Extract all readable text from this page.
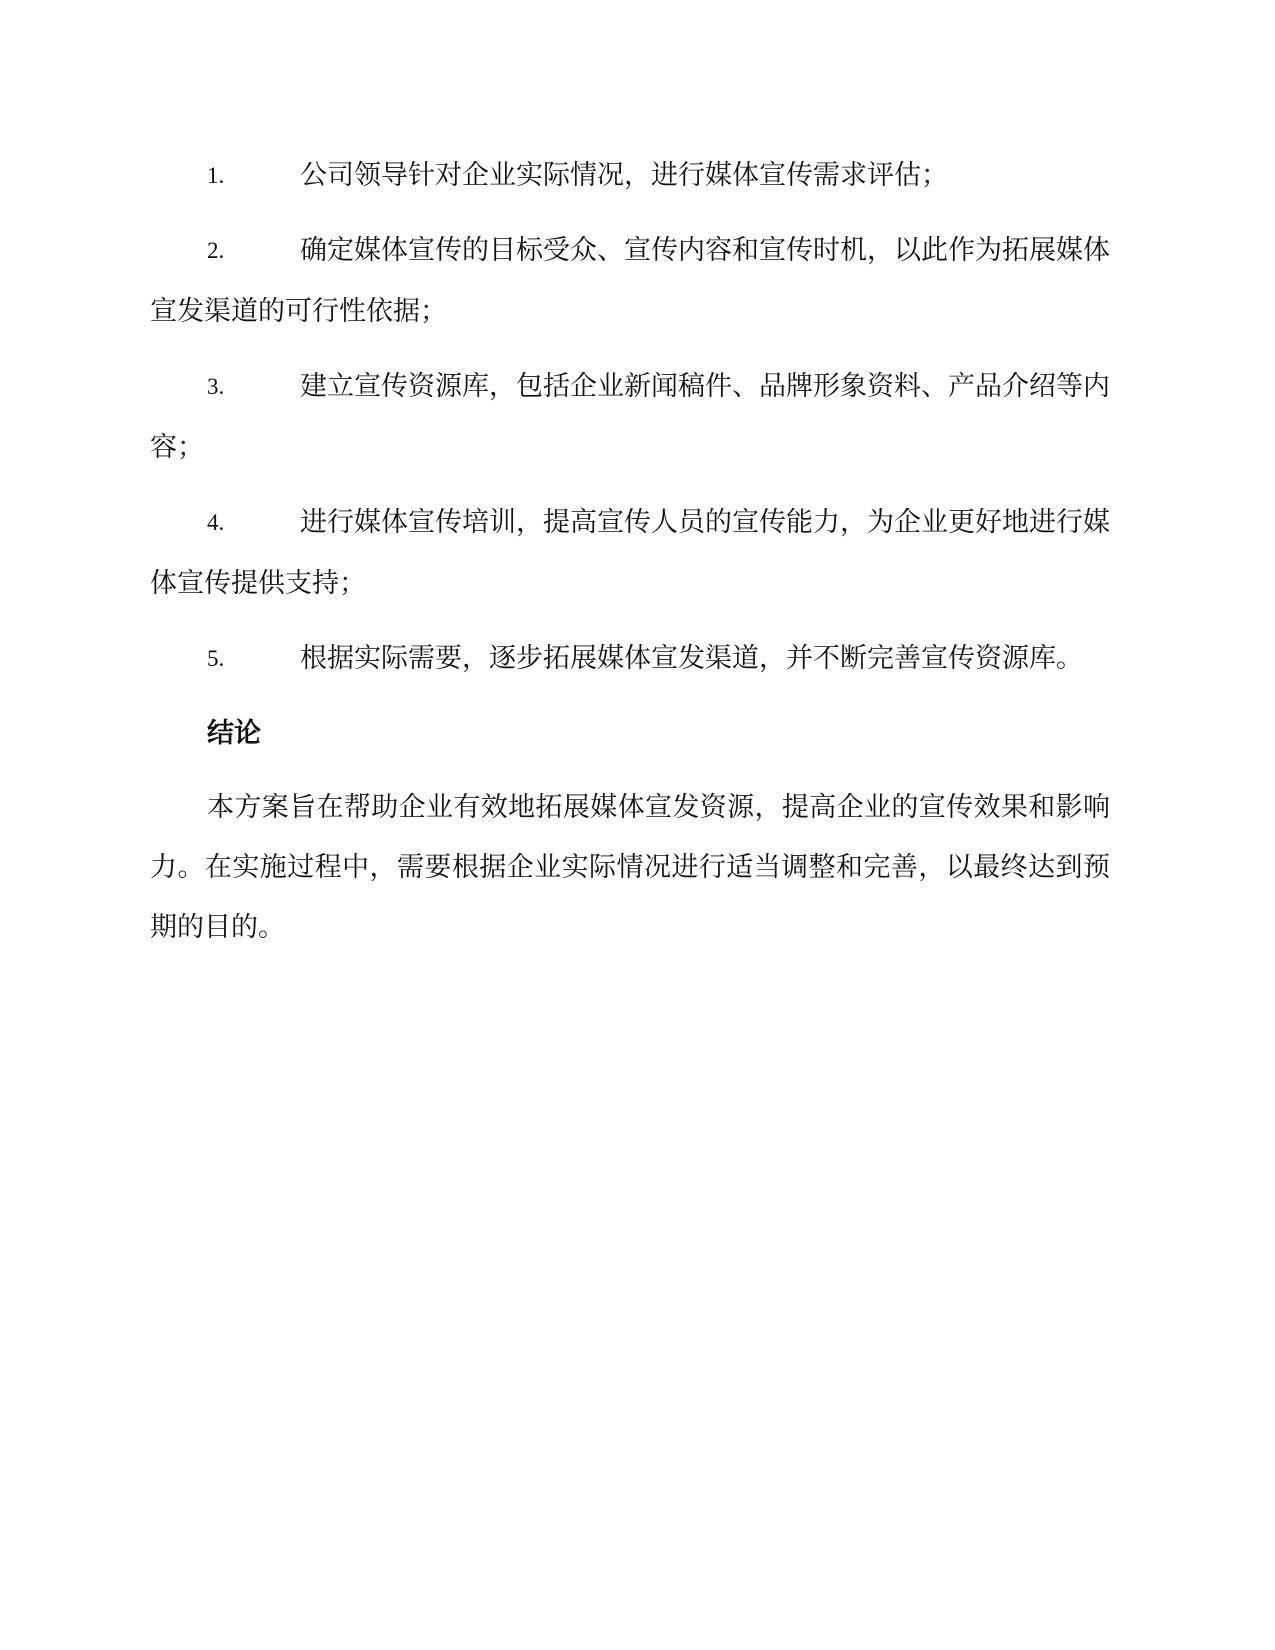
1.	公司领导针对企业实际情况，进行媒体宣传需求评估；
2.	确定媒体宣传的目标受众、宣传内容和宣传时机，以此作为拓展媒体宣发渠道的可行性依据；
3.	建立宣传资源库，包括企业新闻稿件、品牌形象资料、产品介绍等内容；
4.	进行媒体宣传培训，提高宣传人员的宣传能力，为企业更好地进行媒体宣传提供支持；
5.	根据实际需要，逐步拓展媒体宣发渠道，并不断完善宣传资源库。
结论

本方案旨在帮助企业有效地拓展媒体宣发资源，提高企业的宣传效果和影响力。在实施过程中，需要根据企业实际情况进行适当调整和完善，以最终达到预期的目的。
